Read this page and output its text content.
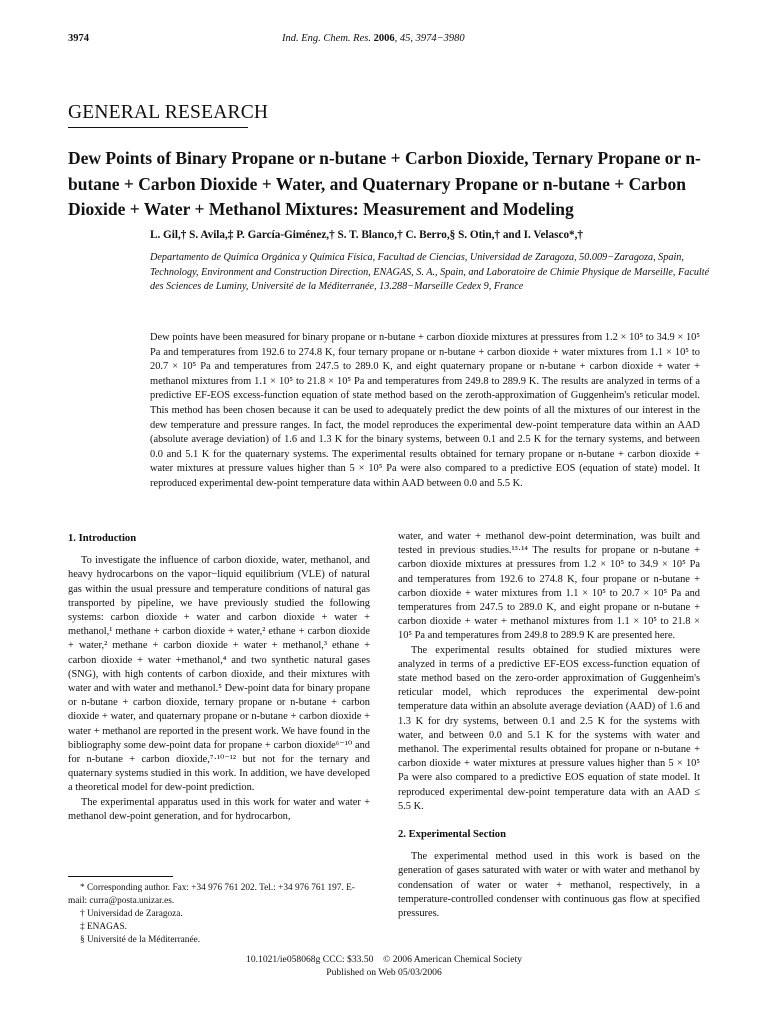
3974	Ind. Eng. Chem. Res. 2006, 45, 3974−3980
GENERAL RESEARCH
Dew Points of Binary Propane or n-butane + Carbon Dioxide, Ternary Propane or n-butane + Carbon Dioxide + Water, and Quaternary Propane or n-butane + Carbon Dioxide + Water + Methanol Mixtures: Measurement and Modeling
L. Gil,† S. Avila,‡ P. García-Giménez,† S. T. Blanco,† C. Berro,§ S. Otin,† and I. Velasco*,†
Departamento de Química Orgánica y Química Física, Facultad de Ciencias, Universidad de Zaragoza, 50.009−Zaragoza, Spain, Technology, Environment and Construction Direction, ENAGAS, S. A., Spain, and Laboratoire de Chimie Physique de Marseille, Faculté des Sciences de Luminy, Université de la Méditerranée, 13.288−Marseille Cedex 9, France
Dew points have been measured for binary propane or n-butane + carbon dioxide mixtures at pressures from 1.2 × 10⁵ to 34.9 × 10⁵ Pa and temperatures from 192.6 to 274.8 K, four ternary propane or n-butane + carbon dioxide + water mixtures from 1.1 × 10⁵ to 20.7 × 10⁵ Pa and temperatures from 247.5 to 289.0 K, and eight quaternary propane or n-butane + carbon dioxide + water + methanol mixtures from 1.1 × 10⁵ to 21.8 × 10⁵ Pa and temperatures from 249.8 to 289.9 K. The results are analyzed in terms of a predictive EF-EOS excess-function equation of state method based on the zeroth-approximation of Guggenheim's reticular model. This method has been chosen because it can be used to adequately predict the dew points of all the mixtures of our interest in the dew temperature and pressure ranges. In fact, the model reproduces the experimental dew-point temperature data within an AAD (absolute average deviation) of 1.6 and 1.3 K for the binary systems, between 0.1 and 2.5 K for the ternary systems, and between 0.0 and 5.1 K for the quaternary systems. The experimental results obtained for ternary propane or n-butane + carbon dioxide + water mixtures at pressure values higher than 5 × 10⁵ Pa were also compared to a predictive EOS (equation of state) model. It reproduced experimental dew-point temperature data within AAD between 0.0 and 5.5 K.
1. Introduction

To investigate the influence of carbon dioxide, water, methanol, and heavy hydrocarbons on the vapor−liquid equilibrium (VLE) of natural gas within the usual pressure and temperature conditions of natural gas transported by pipeline, we have previously studied the following systems: carbon dioxide + water and carbon dioxide + water + methanol,¹ methane + carbon dioxide + water,² ethane + carbon dioxide + water,² methane + carbon dioxide + water + methanol,³ ethane + carbon dioxide + water +methanol,⁴ and two synthetic natural gases (SNG), with high contents of carbon dioxide, and their mixtures with water and with water and methanol.⁵ Dew-point data for binary propane or n-butane + carbon dioxide, ternary propane or n-butane + carbon dioxide + water, and quaternary propane or n-butane + carbon dioxide + water + methanol are reported in the present work. We have found in the bibliography some dew-point data for propane + carbon dioxide⁶⁻¹⁰ and for n-butane + carbon dioxide,⁷·¹⁰⁻¹² but not for the ternary and quaternary systems studied in this work. In addition, we have developed a theoretical model for dew-point prediction.

The experimental apparatus used in this work for water and water + methanol dew-point generation, and for hydrocarbon,

water, and water + methanol dew-point determination, was built and tested in previous studies.¹³·¹⁴ The results for propane or n-butane + carbon dioxide mixtures at pressures from 1.2 × 10⁵ to 34.9 × 10⁵ Pa and temperatures from 192.6 to 274.8 K, four propane or n-butane + carbon dioxide + water mixtures from 1.1 × 10⁵ to 20.7 × 10⁵ Pa and temperatures from 247.5 to 289.0 K, and eight propane or n-butane + carbon dioxide + water + methanol mixtures from 1.1 × 10⁵ to 21.8 × 10⁵ Pa and temperatures from 249.8 to 289.9 K are presented here.

The experimental results obtained for studied mixtures were analyzed in terms of a predictive EF-EOS excess-function equation of state method based on the zero-order approximation of Guggenheim's reticular model, which reproduces the experimental dew-point temperature data within an absolute average deviation (AAD) of 1.6 and 1.3 K for dry systems, between 0.1 and 2.5 K for the systems with water, and between 0.0 and 5.1 K for the systems with water and methanol. The experimental results obtained for propane or n-butane + carbon dioxide + water mixtures at pressure values higher than 5 × 10⁵ Pa were also compared to a predictive EOS equation of state model. It reproduced experimental dew-point temperature data with an AAD ≤ 5.5 K.

2. Experimental Section

The experimental method used in this work is based on the generation of gases saturated with water or with water and methanol by condensation of water or water + methanol, respectively, in a temperature-controlled condenser with continuous gas flow at specified pressures.

* Corresponding author. Fax: +34 976 761 202. Tel.: +34 976 761 197. E-mail: curra@posta.unizar.es.
† Universidad de Zaragoza.
‡ ENAGAS.
§ Université de la Méditerranée.
10.1021/ie058068g CCC: $33.50    © 2006 American Chemical Society
Published on Web 05/03/2006
